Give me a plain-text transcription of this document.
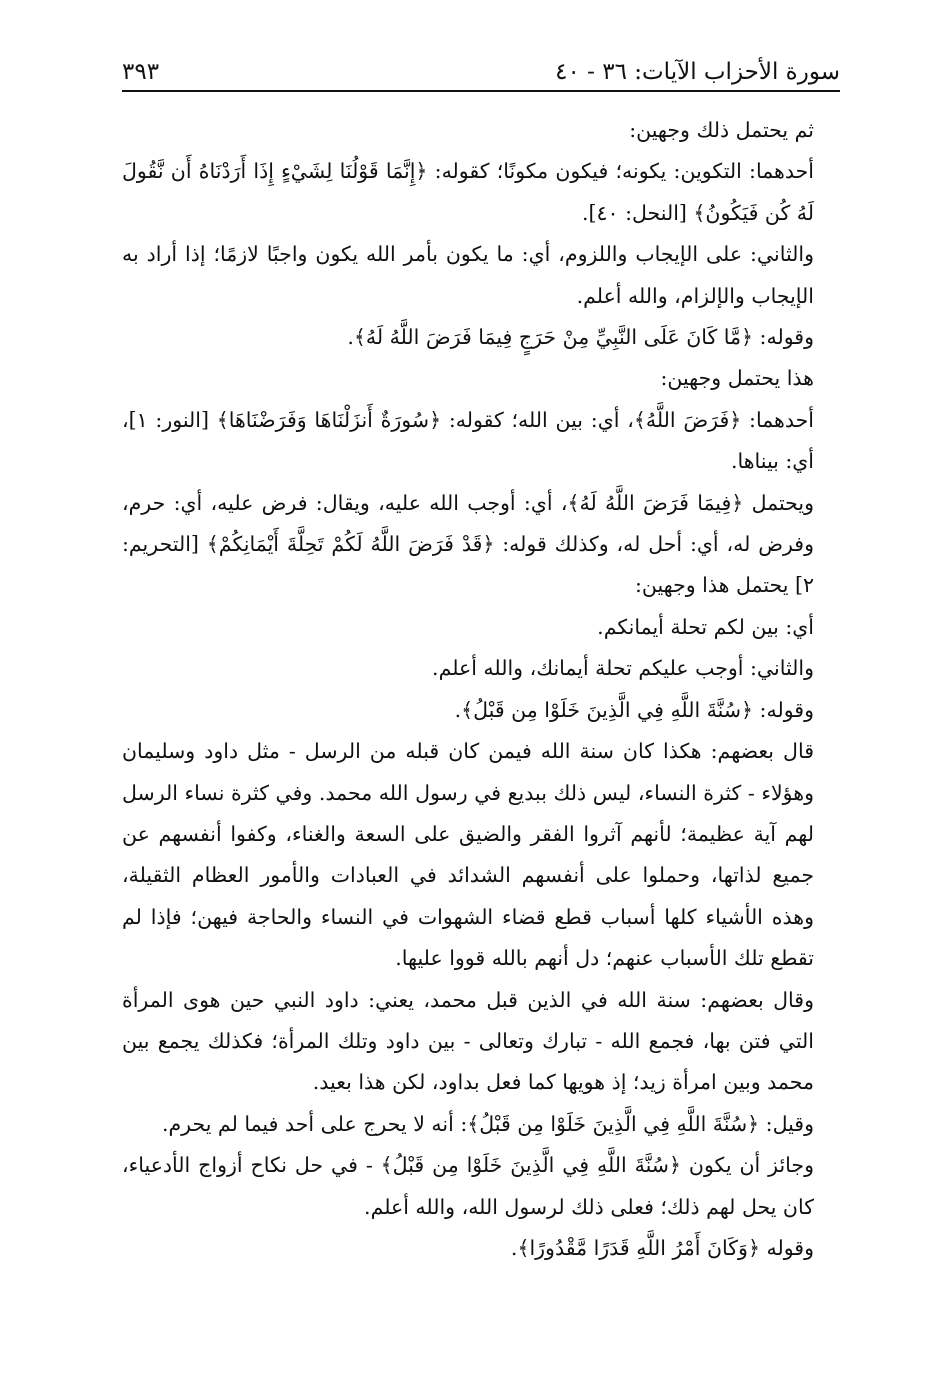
سورة الأحزاب الآيات: ٣٦ - ٤٠
٣٩٣

ثم يحتمل ذلك وجهين:

أحدهما: التكوين: يكونه؛ فيكون مكونًا؛ كقوله: ﴿إِنَّمَا قَوْلُنَا لِشَيْءٍ إِذَا أَرَدْنَاهُ أَن نَّقُولَ لَهُ كُن فَيَكُونُ﴾ [النحل: ٤٠].

والثاني: على الإيجاب واللزوم، أي: ما يكون بأمر الله يكون واجبًا لازمًا؛ إذا أراد به الإيجاب والإلزام، والله أعلم.

وقوله: ﴿مَّا كَانَ عَلَى النَّبِيِّ مِنْ حَرَجٍ فِيمَا فَرَضَ اللَّهُ لَهُ﴾.

هذا يحتمل وجهين:

أحدهما: ﴿فَرَضَ اللَّهُ﴾، أي: بين الله؛ كقوله: ﴿سُورَةٌ أَنزَلْنَاهَا وَفَرَضْنَاهَا﴾ [النور: ١]، أي: بيناها.

ويحتمل ﴿فِيمَا فَرَضَ اللَّهُ لَهُ﴾، أي: أوجب الله عليه، ويقال: فرض عليه، أي: حرم، وفرض له، أي: أحل له، وكذلك قوله: ﴿قَدْ فَرَضَ اللَّهُ لَكُمْ تَحِلَّةَ أَيْمَانِكُمْ﴾ [التحريم: ٢] يحتمل هذا وجهين:

أي: بين لكم تحلة أيمانكم.

والثاني: أوجب عليكم تحلة أيمانك، والله أعلم.

وقوله: ﴿سُنَّةَ اللَّهِ فِي الَّذِينَ خَلَوْا مِن قَبْلُ﴾.

قال بعضهم: هكذا كان سنة الله فيمن كان قبله من الرسل - مثل داود وسليمان وهؤلاء - كثرة النساء، ليس ذلك ببديع في رسول الله محمد. وفي كثرة نساء الرسل لهم آية عظيمة؛ لأنهم آثروا الفقر والضيق على السعة والغناء، وكفوا أنفسهم عن جميع لذاتها، وحملوا على أنفسهم الشدائد في العبادات والأمور العظام الثقيلة، وهذه الأشياء كلها أسباب قطع قضاء الشهوات في النساء والحاجة فيهن؛ فإذا لم تقطع تلك الأسباب عنهم؛ دل أنهم بالله قووا عليها.

وقال بعضهم: سنة الله في الذين قبل محمد، يعني: داود النبي حين هوى المرأة التي فتن بها، فجمع الله - تبارك وتعالى - بين داود وتلك المرأة؛ فكذلك يجمع بين محمد وبين امرأة زيد؛ إذ هويها كما فعل بداود، لكن هذا بعيد.

وقيل: ﴿سُنَّةَ اللَّهِ فِي الَّذِينَ خَلَوْا مِن قَبْلُ﴾: أنه لا يحرج على أحد فيما لم يحرم.

وجائز أن يكون ﴿سُنَّةَ اللَّهِ فِي الَّذِينَ خَلَوْا مِن قَبْلُ﴾ - في حل نكاح أزواج الأدعياء، كان يحل لهم ذلك؛ فعلى ذلك لرسول الله، والله أعلم.

وقوله ﴿وَكَانَ أَمْرُ اللَّهِ قَدَرًا مَّقْدُورًا﴾.
